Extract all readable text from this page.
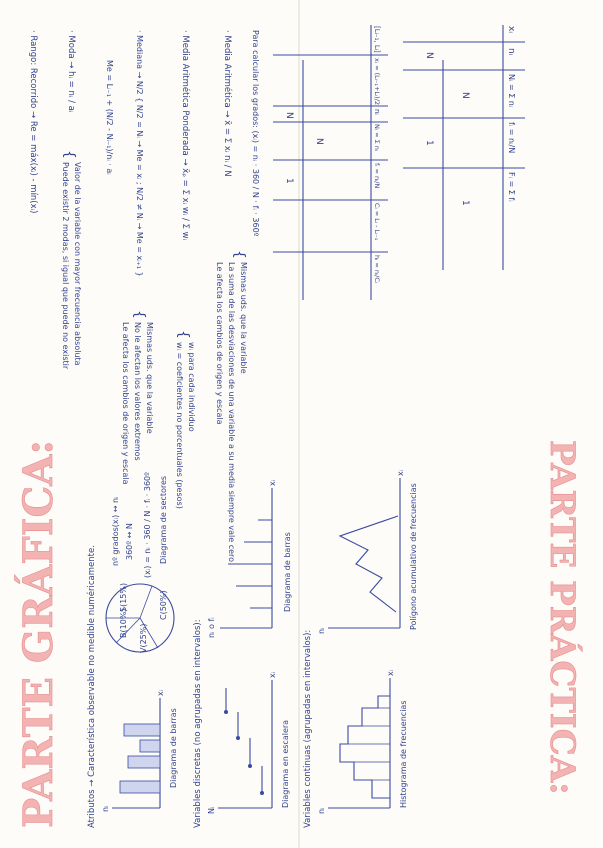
PARTE GRÁFICA:	Atributos → Característica observable no medible numéricamente. nᵢ
xᵢ
Diagrama de barras
B(10%)
V(25%)
C(50%)
S(15%)
nº grados(xᵢ) ↔ nᵢ 360º ↔ N (xᵢ) = nᵢ · 360 / N · fᵢ · 360º Diagrama de sectores
Variables discretas (no agrupadas en intervalos): Nᵢ
xᵢ
Diagrama en escalera
nᵢ o fᵢ
xᵢ
Diagrama de barras
Variables continuas (agrupadas en intervalos): nᵢ
xᵢ
Histograma de frecuencias
nᵢ
xᵢ
Polígono acumulativo de frecuencias	PARTE PRÁCTICA:
xᵢ
nᵢ
Nᵢ = Σ nᵢ
fᵢ = nᵢ/N
Fᵢ = Σ fᵢ
N
N
1
1
[Lᵢ₋₁, Lᵢ]
xᵢ = (Lᵢ₋₁+Lᵢ)/2
nᵢ
Nᵢ = Σ nᵢ
fᵢ = nᵢ/N
Cᵢ = Lᵢ - Lᵢ₋₁
hᵢ = nᵢ/Cᵢ
N
N
1
Para calcular los grados: (xᵢ) = nᵢ · 360 / N · fᵢ · 360º
· Media Aritmética → x̄ = Σ xᵢ nᵢ / N
{
Mismas uds. que la variable
La suma de las desviaciones de una variable a su media siempre vale cero
Le afecta los cambios de origen y escala
· Media Aritmética Ponderada → x̄ₚ = Σ xᵢ wᵢ / Σ wᵢ
{
wᵢ para cada individuo
wᵢ = coeficientes no porcentuales (pesos)
· Mediana → N/2 { N/2 = Nᵢ → Me = xᵢ ; N/2 ≠ Nᵢ → Me = xᵢ₊₁ }
{
Mismas uds. que la variable
No le afectan los valores extremos
Le afecta los cambios de origen y escala
Me = Lᵢ₋₁ + (N/2 - Nᵢ₋₁)/nᵢ · aᵢ
· Moda → hᵢ = nᵢ / aᵢ
{
Valor de la variable con mayor frecuencia absoluta
Puede existir 2 modas, si igual que puede no existir
· Rango: Recorrido → Re = máx(xᵢ) - mín(xᵢ)
